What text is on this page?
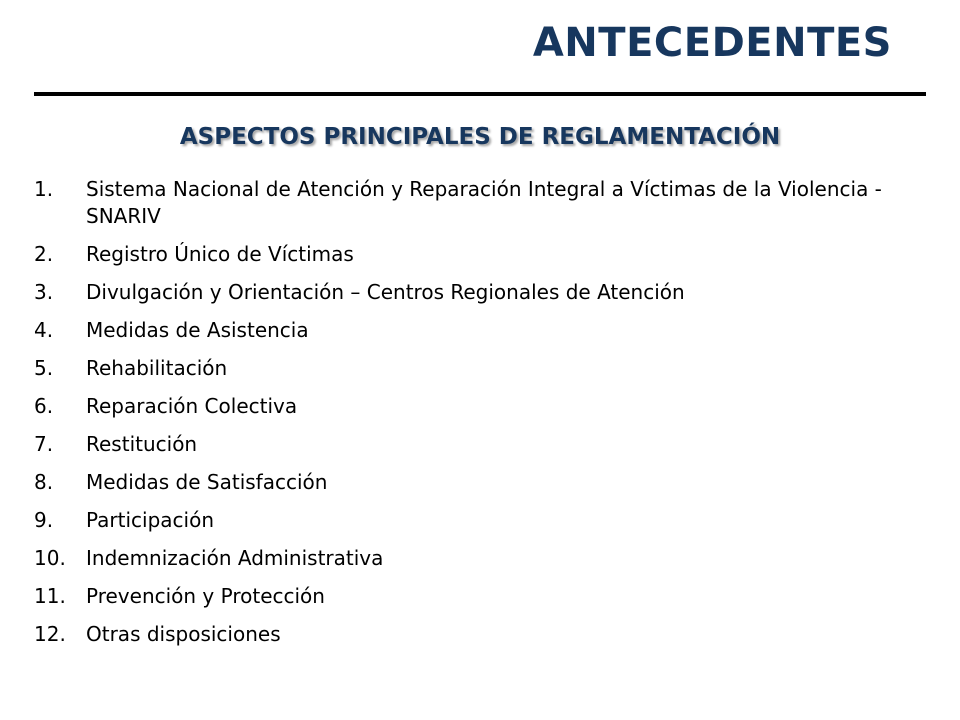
ANTECEDENTES
ASPECTOS PRINCIPALES DE REGLAMENTACIÓN
1.	Sistema Nacional de Atención y Reparación Integral a Víctimas de la Violencia - SNARIV
2.	Registro Único de Víctimas
3.	Divulgación y Orientación – Centros Regionales de Atención
4.	Medidas de Asistencia
5.	Rehabilitación
6.	Reparación Colectiva
7.	Restitución
8.	Medidas de Satisfacción
9.	Participación
10.	Indemnización Administrativa
11.	Prevención y Protección
12.	Otras disposiciones
